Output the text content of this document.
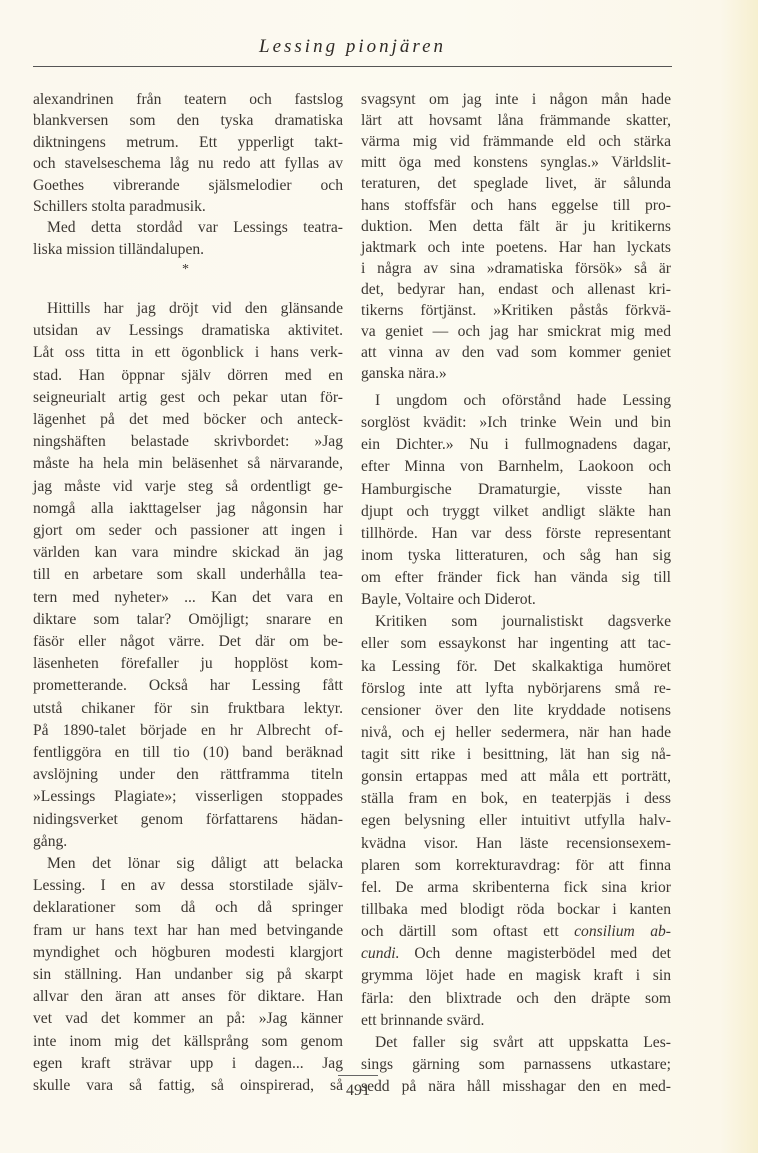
Lessing pionjären
alexandrinen från teatern och fastslog
blankversen som den tyska dramatiska
diktningens metrum. Ett ypperligt takt-
och stavelseschema låg nu redo att fyllas av
Goethes vibrerande själsmelodier och
Schillers stolta paradmusik.
Med detta stordåd var Lessings teatra-
liska mission tilländalupen.
Hittills har jag dröjt vid den glänsande
utsidan av Lessings dramatiska aktivitet.
Låt oss titta in ett ögonblick i hans verk-
stad. Han öppnar själv dörren med en
seigneurialt artig gest och pekar utan för-
lägenhet på det med böcker och anteck-
ningshäften belastade skrivbordet: »Jag
måste ha hela min beläsenhet så närvarande,
jag måste vid varje steg så ordentligt ge-
nomgå alla iakttagelser jag någonsin har
gjort om seder och passioner att ingen i
världen kan vara mindre skickad än jag
till en arbetare som skall underhålla tea-
tern med nyheter» ... Kan det vara en
diktare som talar? Omöjligt; snarare en
fäsör eller något värre. Det där om be-
läsenheten förefaller ju hopplöst kom-
prometterande. Också har Lessing fått
utstå chikaner för sin fruktbara lektyr.
På 1890-talet började en hr Albrecht of-
fentliggöra en till tio (10) band beräknad
avslöjning under den rättframma titeln
»Lessings Plagiate»; visserligen stoppades
nidingsverket genom författarens hädan-
gång.
Men det lönar sig dåligt att belacka
Lessing. I en av dessa storstilade själv-
deklarationer som då och då springer
fram ur hans text har han med betvingande
myndighet och högburen modesti klargjort
sin ställning. Han undanber sig på skarpt
allvar den äran att anses för diktare. Han
vet vad det kommer an på: »Jag känner
inte inom mig det källsprång som genom
egen kraft strävar upp i dagen... Jag
skulle vara så fattig, så oinspirerad, så
*
svagsynt om jag inte i någon mån hade
lärt att hovsamt låna främmande skatter,
värma mig vid främmande eld och stärka
mitt öga med konstens synglas.» Världslit-
teraturen, det speglade livet, är sålunda
hans stoffsfär och hans eggelse till pro-
duktion. Men detta fält är ju kritikerns
jaktmark och inte poetens. Har han lyckats
i några av sina »dramatiska försök» så är
det, bedyrar han, endast och allenast kri-
tikerns förtjänst. »Kritiken påstås förkvä-
va geniet — och jag har smickrat mig med
att vinna av den vad som kommer geniet
ganska nära.»
I ungdom och oförstånd hade Lessing
sorglöst kvädit: »Ich trinke Wein und bin
ein Dichter.» Nu i fullmognadens dagar,
efter Minna von Barnhelm, Laokoon och
Hamburgische Dramaturgie, visste han
djupt och tryggt vilket andligt släkte han
tillhörde. Han var dess förste representant
inom tyska litteraturen, och såg han sig
om efter fränder fick han vända sig till
Bayle, Voltaire och Diderot.
Kritiken som journalistiskt dagsverke
eller som essaykonst har ingenting att tac-
ka Lessing för. Det skalkaktiga humöret
förslog inte att lyfta nybörjarens små re-
censioner över den lite kryddade notisens
nivå, och ej heller sedermera, när han hade
tagit sitt rike i besittning, lät han sig nå-
gonsin ertappas med att måla ett porträtt,
ställa fram en bok, en teaterpjäs i dess
egen belysning eller intuitivt utfylla halv-
kvädna visor. Han läste recensionsexem-
plaren som korrekturavdrag: för att finna
fel. De arma skribenterna fick sina krior
tillbaka med blodigt röda bockar i kanten
och därtill som oftast ett consilium ab-
cundi. Och denne magisterbödel med det
grymma löjet hade en magisk kraft i sin
färla: den blixtrade och den dräpte som
ett brinnande svärd.
Det faller sig svårt att uppskatta Les-
sings gärning som parnassens utkastare;
sedd på nära håll misshagar den en med-
491
